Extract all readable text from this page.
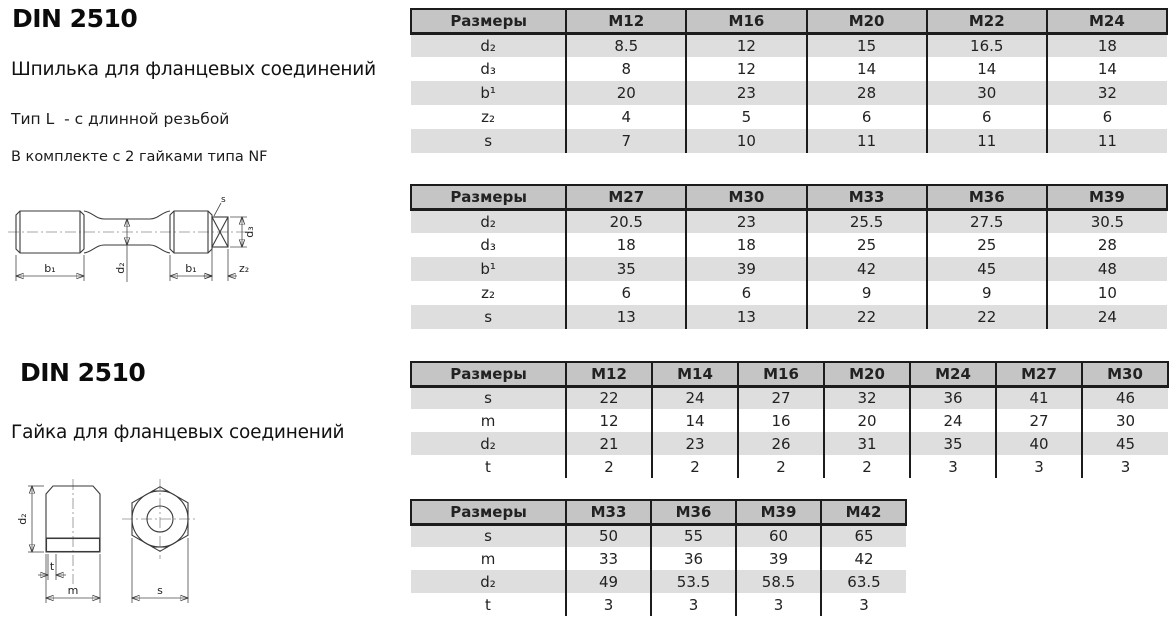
DIN 2510
Шпилька для фланцевых соединений
Тип L  - с длинной резьбой
В комплекте с 2 гайками типа NF
b₁	d₂	b₁	z₂
d₃
s
DIN 2510
Гайка для фланцевых соединений
d₂
t
m	s
Размеры	M12	M16	M20	M22	M24
d₂	8.5	12	15	16.5	18
d₃	8	12	14	14	14
b¹	20	23	28	30	32
z₂	4	5	6	6	6
s	7	10	11	11	11
Размеры	M27	M30	M33	M36	M39
d₂	20.5	23	25.5	27.5	30.5
d₃	18	18	25	25	28
b¹	35	39	42	45	48
z₂	6	6	9	9	10
s	13	13	22	22	24
Размеры	M12	M14	M16	M20	M24	M27	M30
s	22	24	27	32	36	41	46
m	12	14	16	20	24	27	30
d₂	21	23	26	31	35	40	45
t	2	2	2	2	3	3	3
Размеры	M33	M36	M39	M42
s	50	55	60	65
m	33	36	39	42
d₂	49	53.5	58.5	63.5
t	3	3	3	3
